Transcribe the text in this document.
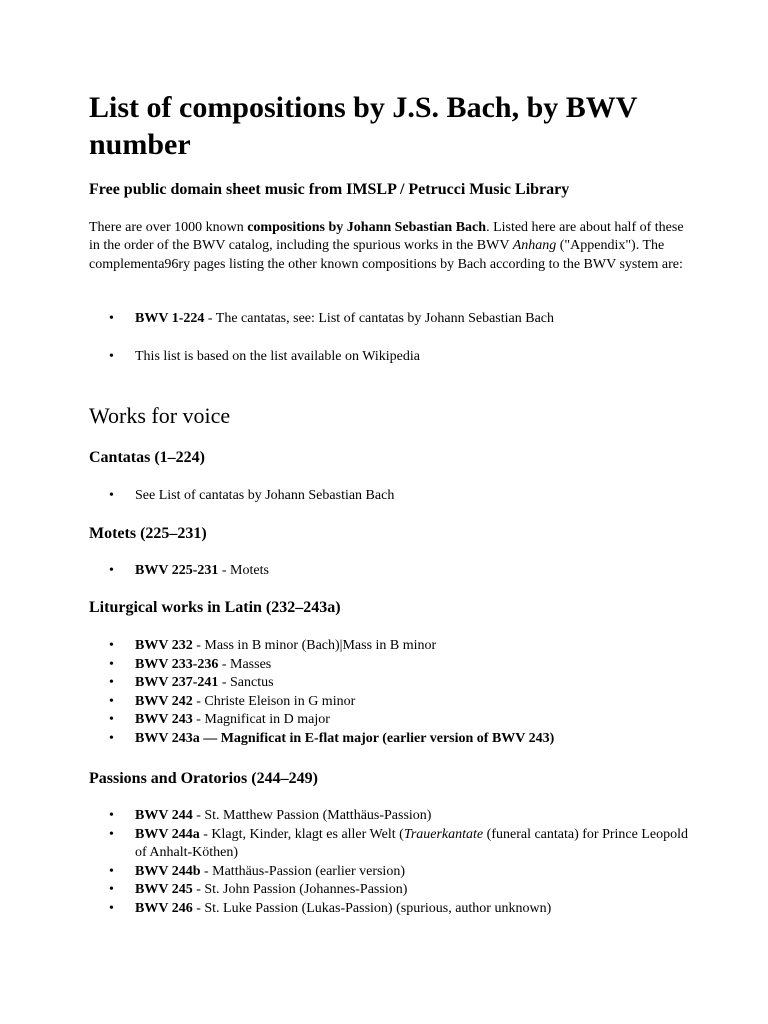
List of compositions by J.S. Bach, by BWV number

Free public domain sheet music from IMSLP / Petrucci Music Library

There are over 1000 known compositions by Johann Sebastian Bach. Listed here are about half of these in the order of the BWV catalog, including the spurious works in the BWV Anhang ("Appendix"). The complementa96ry pages listing the other known compositions by Bach according to the BWV system are:

• BWV 1-224 - The cantatas, see: List of cantatas by Johann Sebastian Bach
• This list is based on the list available on Wikipedia
Works for voice
Cantatas (1–224)
• See List of cantatas by Johann Sebastian Bach
Motets (225–231)
• BWV 225-231 - Motets
Liturgical works in Latin (232–243a)
• BWV 232 - Mass in B minor (Bach)|Mass in B minor
• BWV 233-236 - Masses
• BWV 237-241 - Sanctus
• BWV 242 - Christe Eleison in G minor
• BWV 243 - Magnificat in D major
• BWV 243a — Magnificat in E-flat major (earlier version of BWV 243)
Passions and Oratorios (244–249)
• BWV 244 - St. Matthew Passion (Matthäus-Passion)
• BWV 244a - Klagt, Kinder, klagt es aller Welt (Trauerkantate (funeral cantata) for Prince Leopold of Anhalt-Köthen)
• BWV 244b - Matthäus-Passion (earlier version)
• BWV 245 - St. John Passion (Johannes-Passion)
• BWV 246 - St. Luke Passion (Lukas-Passion) (spurious, author unknown)
